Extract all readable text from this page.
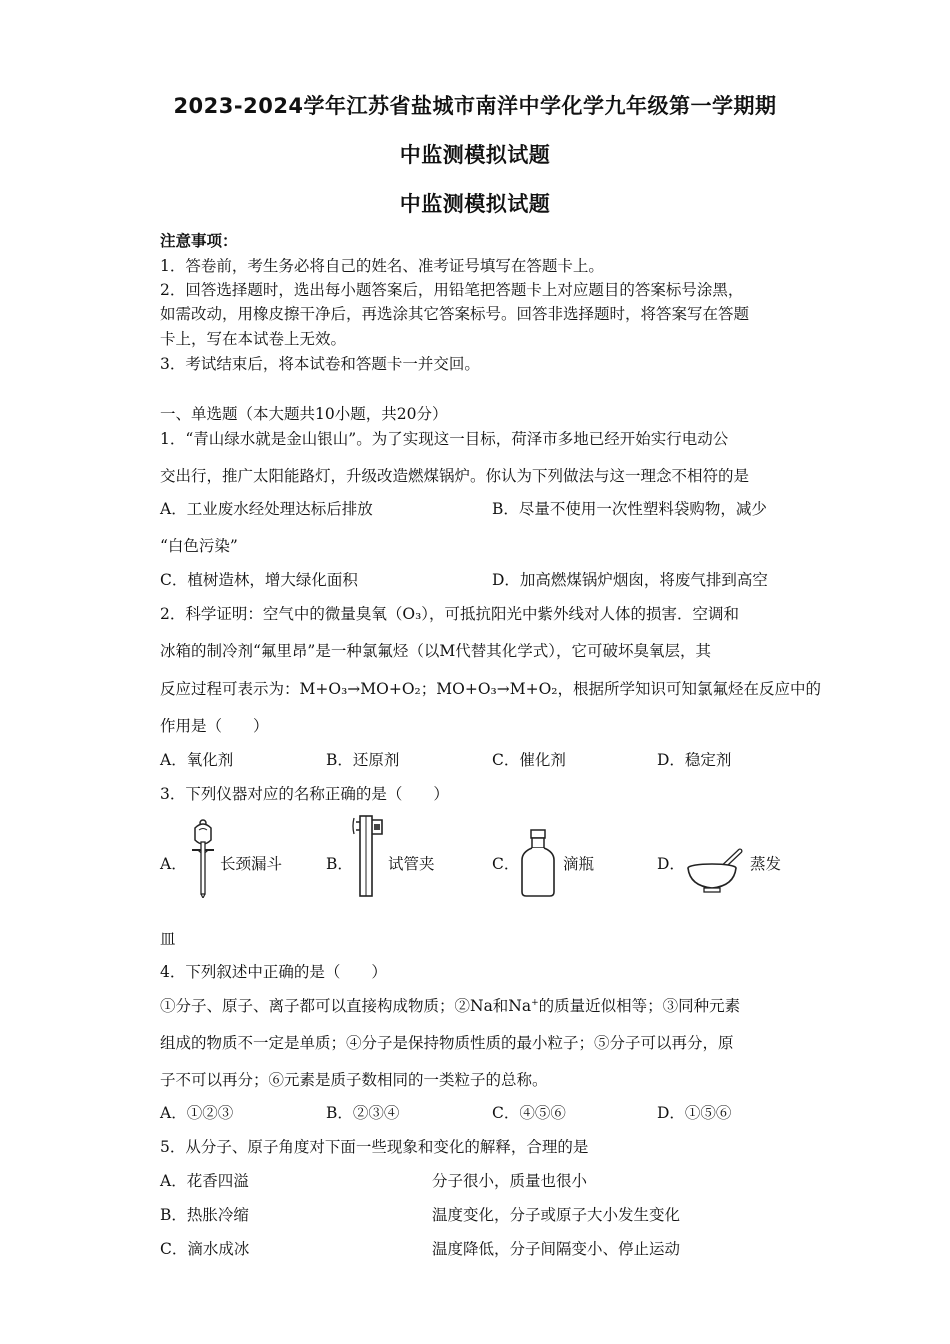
2023-2024学年江苏省盐城市南洋中学化学九年级第一学期期
中监测模拟试题
中监测模拟试题
注意事项：
1．答卷前，考生务必将自己的姓名、准考证号填写在答题卡上。
2．回答选择题时，选出每小题答案后，用铅笔把答题卡上对应题目的答案标号涂黑，
如需改动，用橡皮擦干净后，再选涂其它答案标号。回答非选择题时，将答案写在答题
卡上，写在本试卷上无效。
3．考试结束后，将本试卷和答题卡一并交回。
一、单选题（本大题共10小题，共20分）
1．“青山绿水就是金山银山”。为了实现这一目标，荷泽市多地已经开始实行电动公
交出行，推广太阳能路灯，升级改造燃煤锅炉。你认为下列做法与这一理念不相符的是
A．工业废水经处理达标后排放	B．尽量不使用一次性塑料袋购物，减少
“白色污染”
C．植树造林，增大绿化面积	D．加高燃煤锅炉烟囱，将废气排到高空
2．科学证明：空气中的微量臭氧（O₃），可抵抗阳光中紫外线对人体的损害．空调和
冰箱的制冷剂“氟里昂”是一种氯氟烃（以M代替其化学式），它可破坏臭氧层，其
反应过程可表示为：M+O₃→MO+O₂；MO+O₃→M+O₂，根据所学知识可知氯氟烃在反应中的
作用是（　　）
A．氧化剂	B．还原剂	C．催化剂	D．稳定剂
3．下列仪器对应的名称正确的是（　　）
A． 长颈漏斗	B． 试管夹	C．	滴瓶	D．	蒸发
皿
4．下列叙述中正确的是（　　）
①分子、原子、离子都可以直接构成物质；②Na和Na+的质量近似相等；③同种元素
组成的物质不一定是单质；④分子是保持物质性质的最小粒子；⑤分子可以再分，原
子不可以再分；⑥元素是质子数相同的一类粒子的总称。
A．①②③	B．②③④	C．④⑤⑥	D．①⑤⑥
5．从分子、原子角度对下面一些现象和变化的解释，合理的是
A．花香四溢	分子很小，质量也很小
B．热胀冷缩	温度变化，分子或原子大小发生变化
C．滴水成冰	温度降低，分子间隔变小、停止运动
